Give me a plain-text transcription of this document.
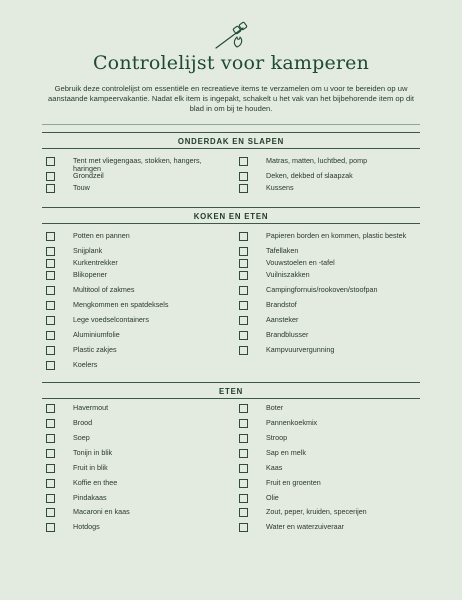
Controlelijst voor kamperen
Gebruik deze controlelijst om essentiële en recreatieve items te verzamelen om u voor te bereiden op uw aanstaande kampeervakantie. Nadat elk item is ingepakt, schakelt u het vak van het bijbehorende item op dit blad in om bij te houden.
ONDERDAK EN SLAPEN
Tent met vliegengaas, stokken, hangers, haringen
Grondzeil
Touw
Matras, matten, luchtbed, pomp
Deken, dekbed of slaapzak
Kussens
KOKEN EN ETEN
Potten en pannen
Snijplank
Kurkentrekker
Blikopener
Multitool of zakmes
Mengkommen en spatdeksels
Lege voedselcontainers
Aluminiumfolie
Plastic zakjes
Koelers
Papieren borden en kommen, plastic bestek
Tafellaken
Vouwstoelen en -tafel
Vuilniszakken
Campingfornuis/rookoven/stoofpan
Brandstof
Aansteker
Brandblusser
Kampvuurvergunning
ETEN
Havermout
Brood
Soep
Tonijn in blik
Fruit in blik
Koffie en thee
Pindakaas
Macaroni en kaas
Hotdogs
Boter
Pannenkoekmix
Stroop
Sap en melk
Kaas
Fruit en groenten
Olie
Zout, peper, kruiden, specerijen
Water en waterzuiveraar
